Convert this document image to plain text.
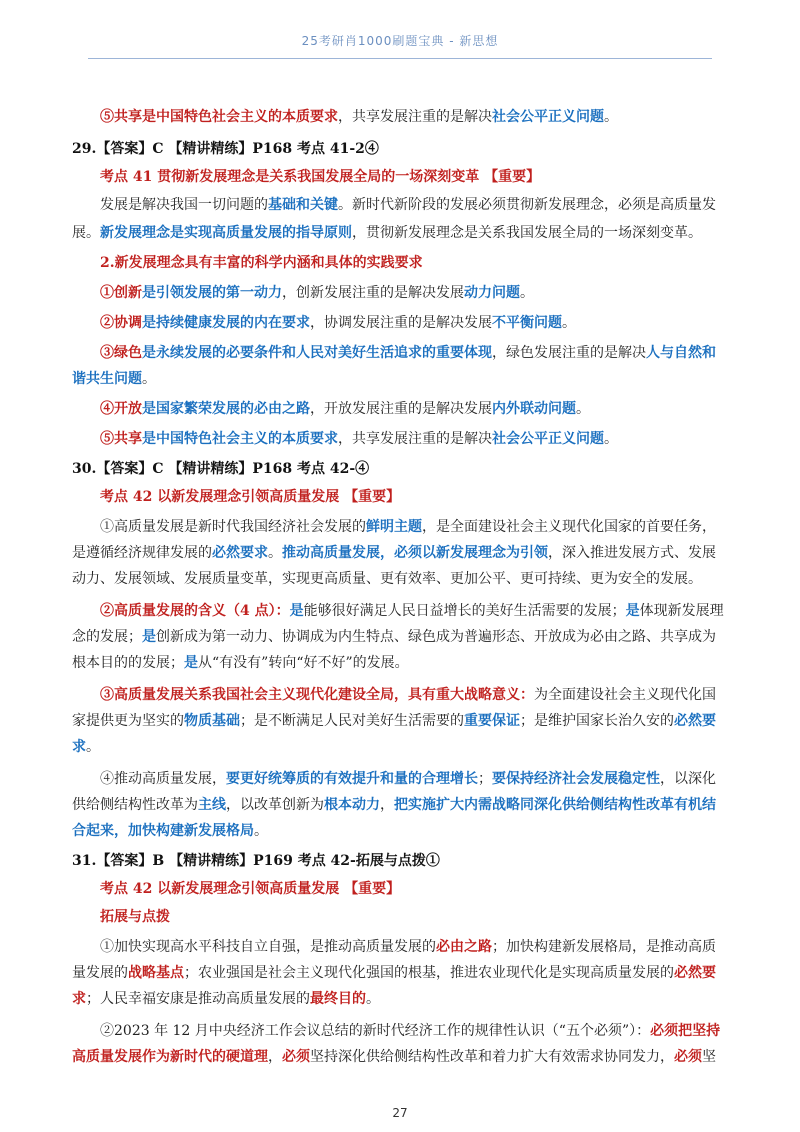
25考研肖1000刷题宝典 - 新思想
⑤共享是中国特色社会主义的本质要求，共享发展注重的是解决社会公平正义问题。
29.【答案】C 【精讲精练】P168 考点 41-2④
考点 41 贯彻新发展理念是关系我国发展全局的一场深刻变革 【重要】
发展是解决我国一切问题的基础和关键。新时代新阶段的发展必须贯彻新发展理念，必须是高质量发
展。新发展理念是实现高质量发展的指导原则，贯彻新发展理念是关系我国发展全局的一场深刻变革。
2.新发展理念具有丰富的科学内涵和具体的实践要求
①创新是引领发展的第一动力，创新发展注重的是解决发展动力问题。
②协调是持续健康发展的内在要求，协调发展注重的是解决发展不平衡问题。
③绿色是永续发展的必要条件和人民对美好生活追求的重要体现，绿色发展注重的是解决人与自然和
谐共生问题。
④开放是国家繁荣发展的必由之路，开放发展注重的是解决发展内外联动问题。
⑤共享是中国特色社会主义的本质要求，共享发展注重的是解决社会公平正义问题。
30.【答案】C 【精讲精练】P168 考点 42-④
考点 42 以新发展理念引领高质量发展 【重要】
①高质量发展是新时代我国经济社会发展的鲜明主题，是全面建设社会主义现代化国家的首要任务，
是遵循经济规律发展的必然要求。推动高质量发展，必须以新发展理念为引领，深入推进发展方式、发展
动力、发展领域、发展质量变革，实现更高质量、更有效率、更加公平、更可持续、更为安全的发展。
②高质量发展的含义（4 点）：是能够很好满足人民日益增长的美好生活需要的发展；是体现新发展理
念的发展；是创新成为第一动力、协调成为内生特点、绿色成为普遍形态、开放成为必由之路、共享成为
根本目的的发展；是从“有没有”转向“好不好”的发展。
③高质量发展关系我国社会主义现代化建设全局，具有重大战略意义：为全面建设社会主义现代化国
家提供更为坚实的物质基础；是不断满足人民对美好生活需要的重要保证；是维护国家长治久安的必然要
求。
④推动高质量发展，要更好统筹质的有效提升和量的合理增长；要保持经济社会发展稳定性，以深化
供给侧结构性改革为主线，以改革创新为根本动力，把实施扩大内需战略同深化供给侧结构性改革有机结
合起来，加快构建新发展格局。
31.【答案】B 【精讲精练】P169 考点 42-拓展与点拨①
考点 42 以新发展理念引领高质量发展 【重要】
拓展与点拨
①加快实现高水平科技自立自强，是推动高质量发展的必由之路；加快构建新发展格局，是推动高质
量发展的战略基点；农业强国是社会主义现代化强国的根基，推进农业现代化是实现高质量发展的必然要
求；人民幸福安康是推动高质量发展的最终目的。
②2023 年 12 月中央经济工作会议总结的新时代经济工作的规律性认识（“五个必须”）：必须把坚持
高质量发展作为新时代的硬道理，必须坚持深化供给侧结构性改革和着力扩大有效需求协同发力，必须坚
27
